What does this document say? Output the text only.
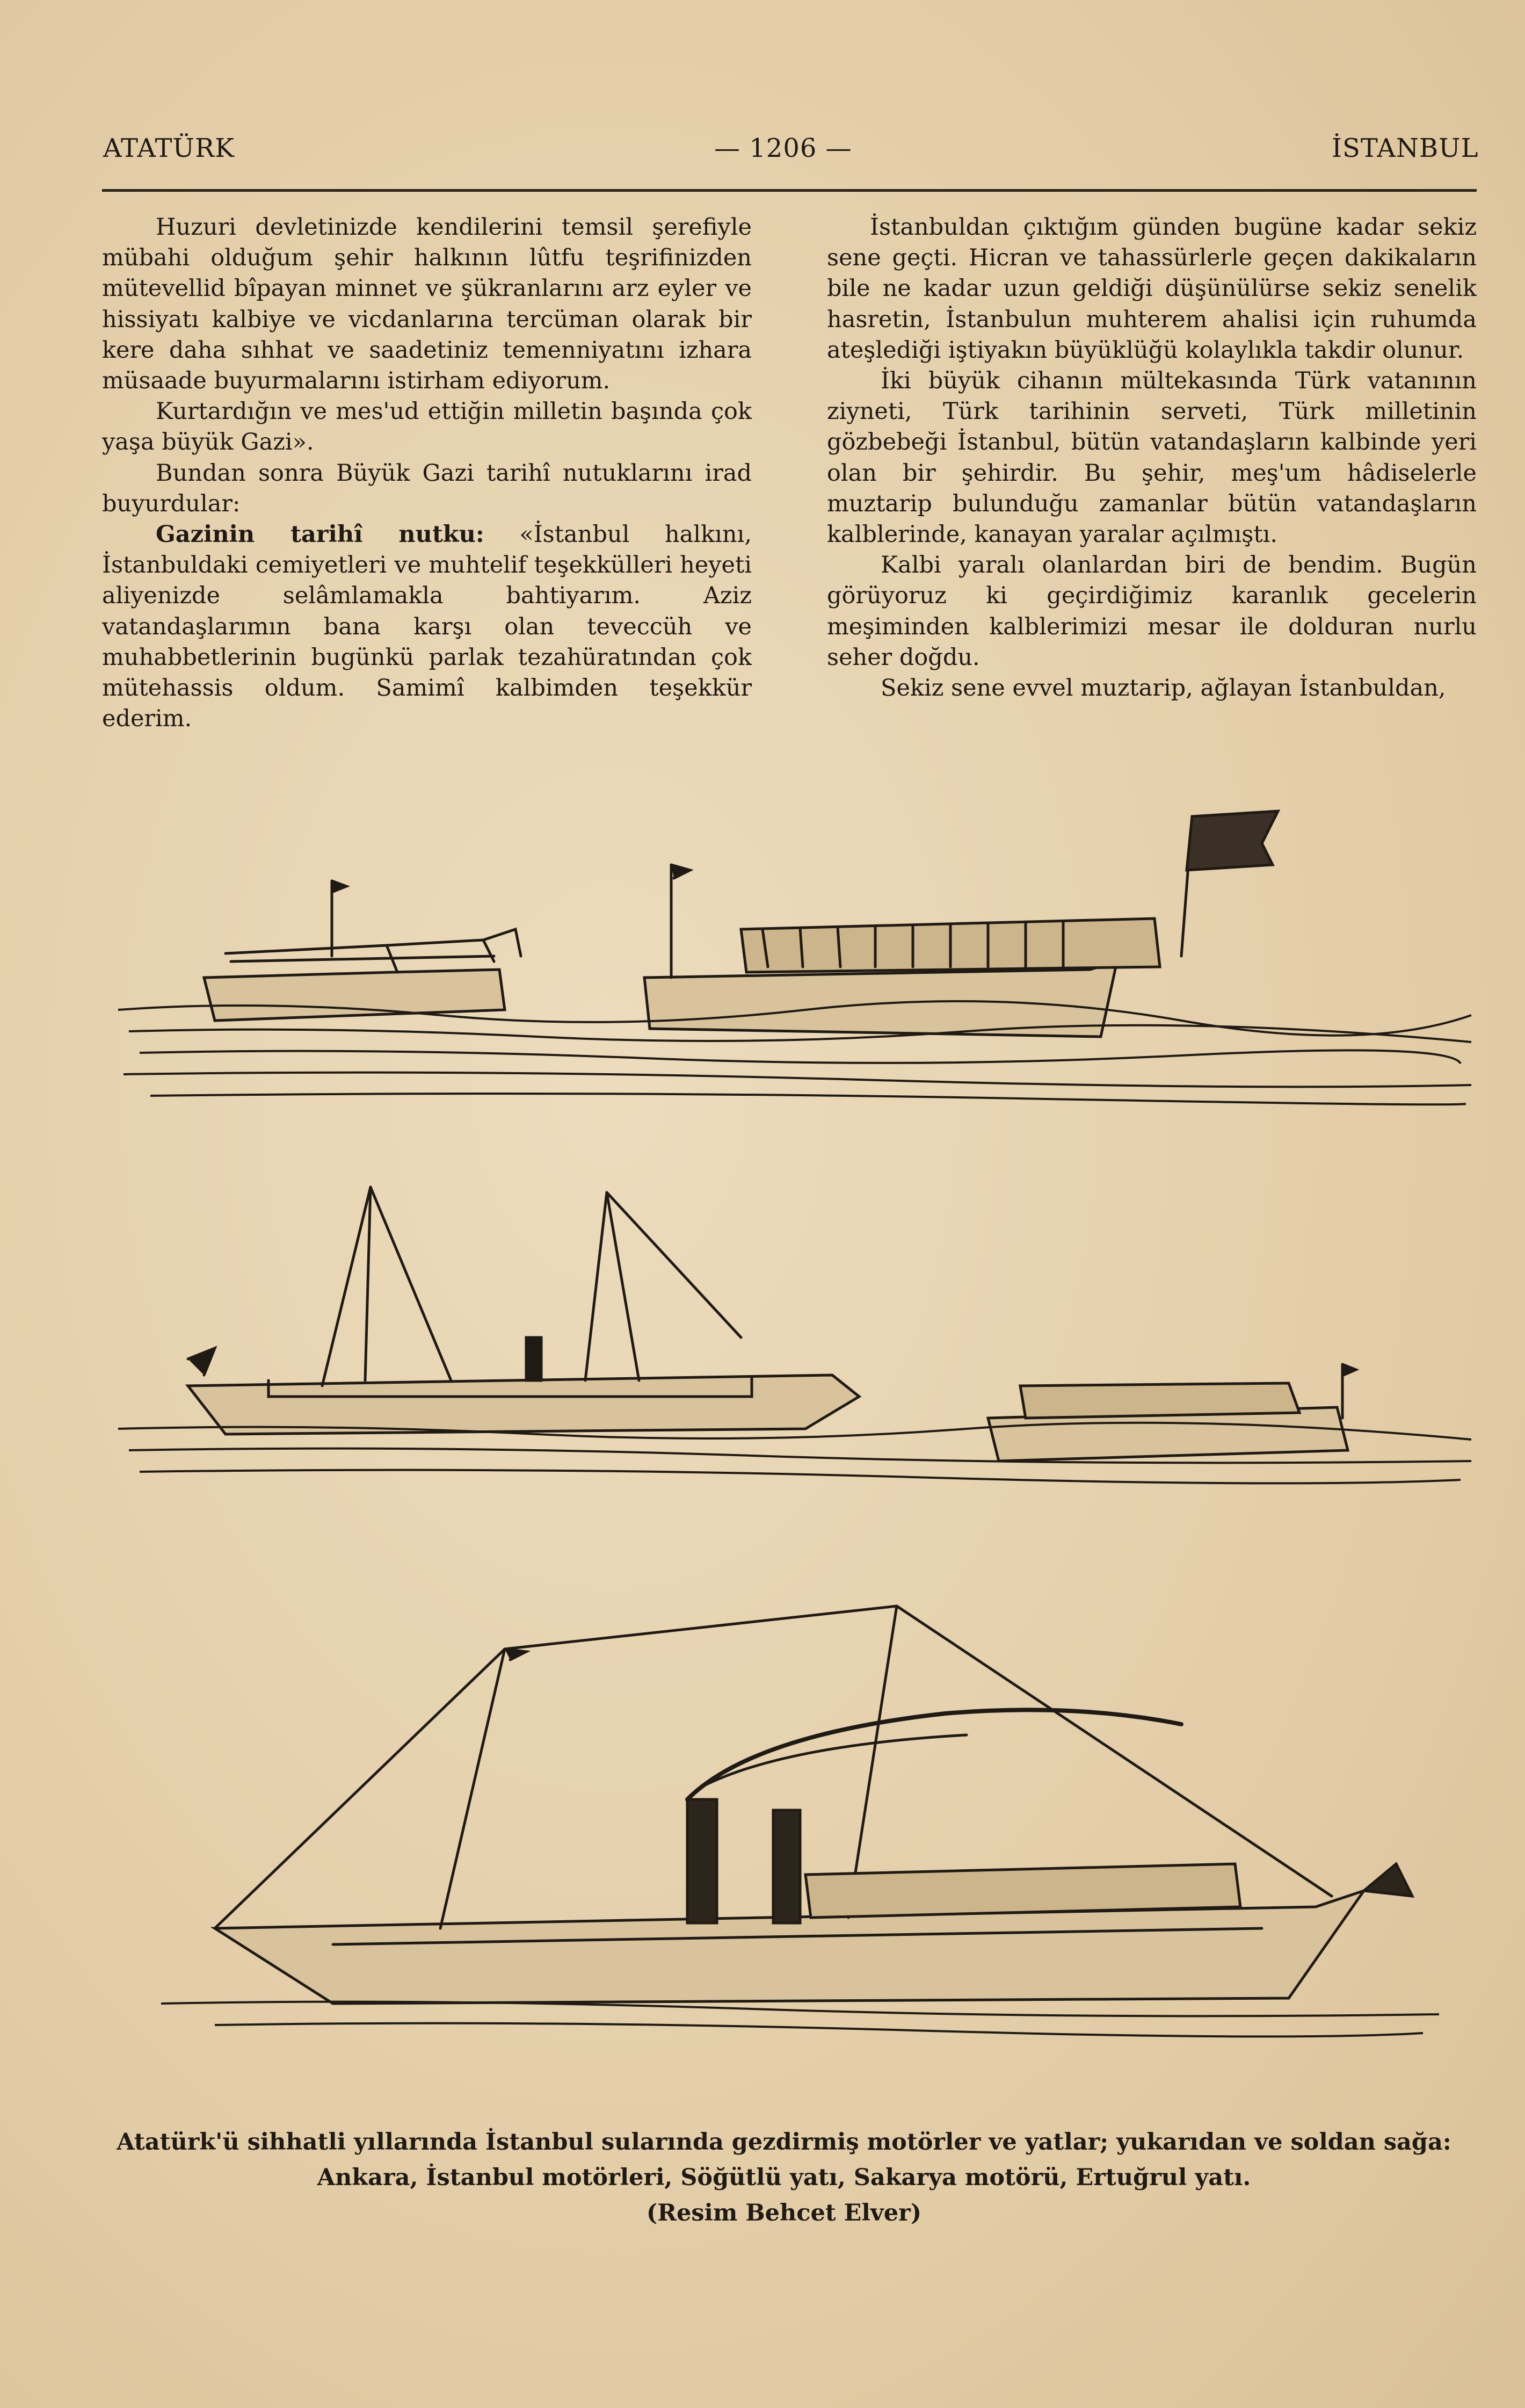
ATATÜRK	— 1206 —	İSTANBUL

Huzuri devletinizde kendilerini temsil şerefiyle mübahi olduğum şehir halkının lûtfu teşrifinizden mütevellid bîpayan minnet ve şükranlarını arz eyler ve hissiyatı kalbiye ve vicdanlarına tercüman olarak bir kere daha sıhhat ve saadetiniz temenniyatını izhara müsaade buyurmalarını istirham ediyorum.

Kurtardığın ve mes'ud ettiğin milletin başında çok yaşa büyük Gazi».

Bundan sonra Büyük Gazi tarihî nutuklarını irad buyurdular:

Gazinin tarihî nutku: «İstanbul halkını, İstanbuldaki cemiyetleri ve muhtelif teşekkülleri heyeti aliyenizde selâmlamakla bahtiyarım. Aziz vatandaşlarımın bana karşı olan teveccüh ve muhabbetlerinin bugünkü parlak tezahüratından çok mütehassis oldum. Samimî kalbimden teşekkür ederim.

İstanbuldan çıktığım günden bugüne kadar sekiz sene geçti. Hicran ve tahassürlerle geçen dakikaların bile ne kadar uzun geldiği düşünülürse sekiz senelik hasretin, İstanbulun muhterem ahalisi için ruhumda ateşlediği iştiyakın büyüklüğü kolaylıkla takdir olunur.

İki büyük cihanın mültekasında Türk vatanının ziyneti, Türk tarihinin serveti, Türk milletinin gözbebeği İstanbul, bütün vatandaşların kalbinde yeri olan bir şehirdir. Bu şehir, meş'um hâdiselerle muztarip bulunduğu zamanlar bütün vatandaşların kalblerinde, kanayan yaralar açılmıştı.

Kalbi yaralı olanlardan biri de bendim. Bugün görüyoruz ki geçirdiğimiz karanlık gecelerin meşiminden kalblerimizi mesar ile dolduran nurlu seher doğdu.

Sekiz sene evvel muztarip, ağlayan İstanbuldan,

Atatürk'ü sihhatli yıllarında İstanbul sularında gezdirmiş motörler ve yatlar; yukarıdan ve soldan sağa:
Ankara, İstanbul motörleri, Söğütlü yatı, Sakarya motörü, Ertuğrul yatı.
(Resim Behcet Elver)
